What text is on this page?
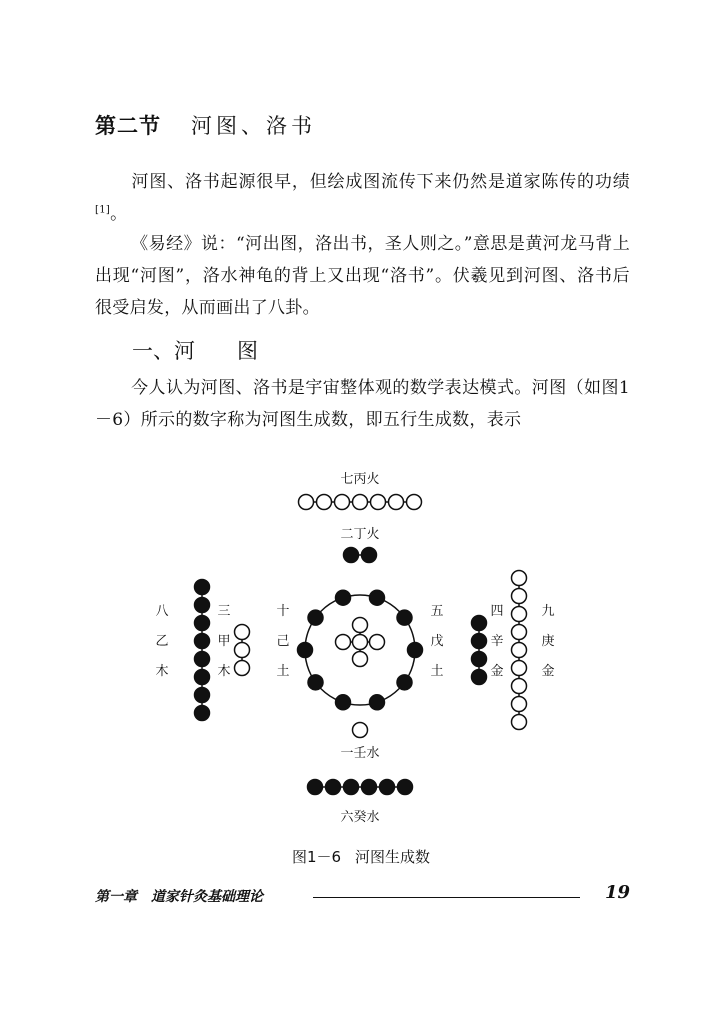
第二节 河图、洛书

河图、洛书起源很早，但绘成图流传下来仍然是道家陈传的功绩[1]。

《易经》说：“河出图，洛出书，圣人则之。”意思是黄河龙马背上出现“河图”，洛水神龟的背上又出现“洛书”。伏羲见到河图、洛书后很受启发，从而画出了八卦。

一、河 图

今人认为河图、洛书是宇宙整体观的数学表达模式。河图（如图1－6）所示的数字称为河图生成数，即五行生成数，表示

七丙火
二丁火
八
乙
木
三
甲
木
十
己
土
五
戊
土
四
辛
金
九
庚
金
一壬水
六癸水
图1－6 河图生成数
第一章 道家针灸基础理论	19
